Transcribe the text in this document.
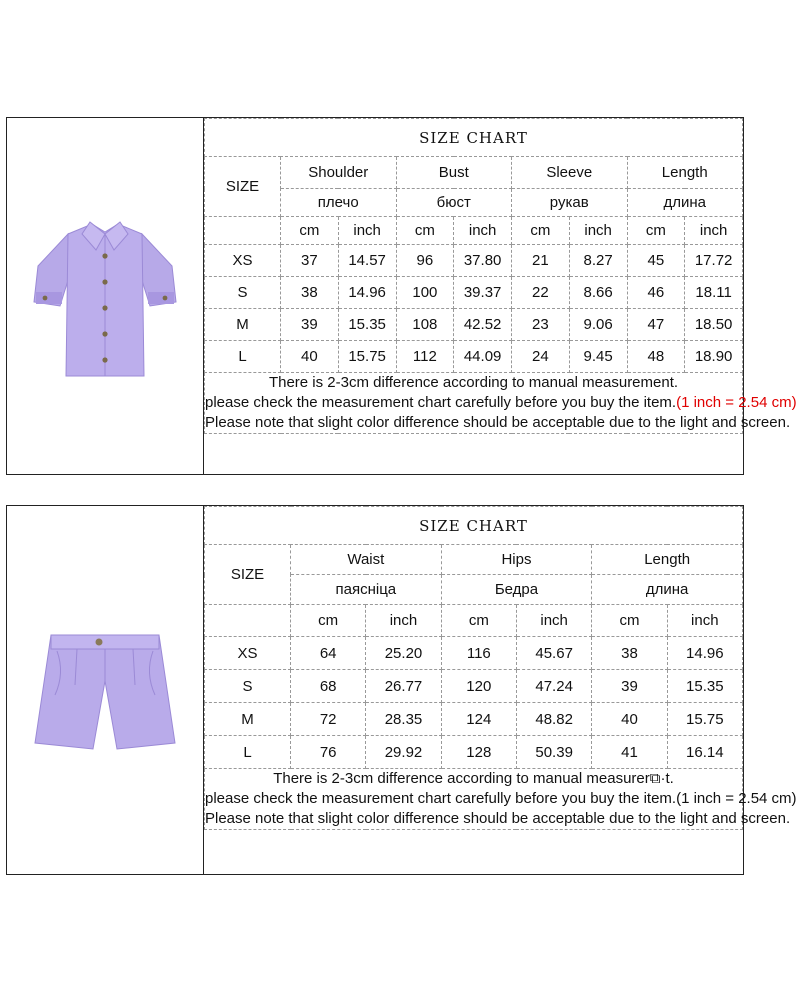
SIZE CHART								
SIZE	Shoulder		Bust		Sleeve		Length	
	плечо		бюст		рукав		длина	
	cm	inch	cm	inch	cm	inch	cm	inch
XS	37	14.57	96	37.80	21	8.27	45	17.72
S	38	14.96	100	39.37	22	8.66	46	18.11
M	39	15.35	108	42.52	23	9.06	47	18.50
L	40	15.75	112	44.09	24	9.45	48	18.90

There is 2-3cm difference according to manual measurement.
please check the measurement chart carefully before you buy the item.(1 inch = 2.54 cm)
Please note that slight color difference should be acceptable due to the light and screen.								
SIZE CHART						
SIZE	Waist		Hips		Length	
	паясніца		Бедра		длина	
	cm	inch	cm	inch	cm	inch
XS	64	25.20	116	45.67	38	14.96
S	68	26.77	120	47.24	39	15.35
M	72	28.35	124	48.82	40	15.75
L	76	29.92	128	50.39	41	16.14

There is 2-3cm difference according to manual measurer⧉·t.
please check the measurement chart carefully before you buy the item.(1 inch = 2.54 cm)
Please note that slight color difference should be acceptable due to the light and screen.						
